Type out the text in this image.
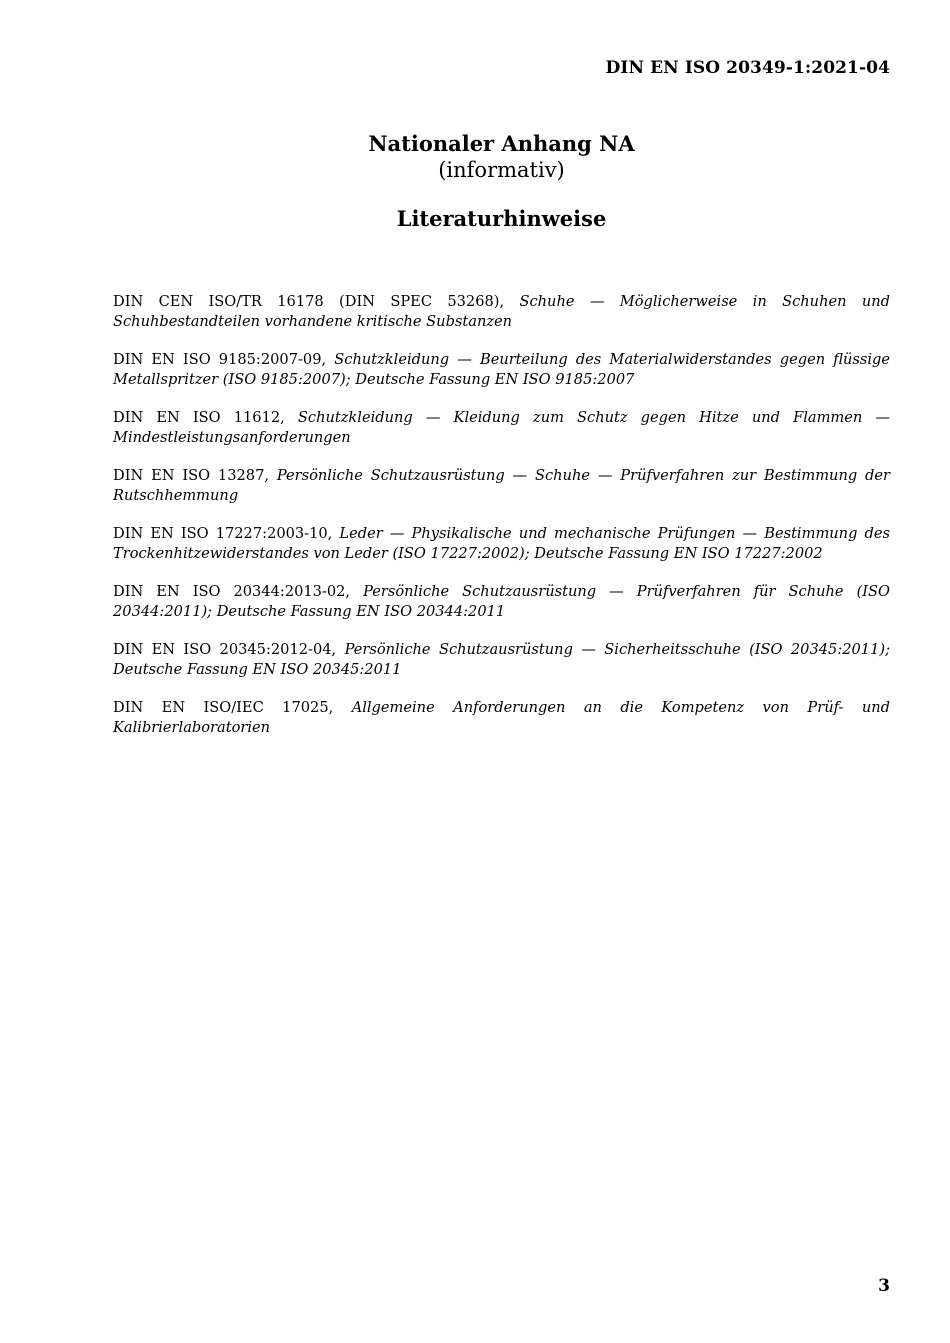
DIN EN ISO 20349-1:2021-04
Nationaler Anhang NA
(informativ)
Literaturhinweise

DIN CEN ISO/TR 16178 (DIN SPEC 53268), Schuhe — Möglicherweise in Schuhen und Schuhbestandteilen vorhandene kritische Substanzen

DIN EN ISO 9185:2007-09, Schutzkleidung — Beurteilung des Materialwiderstandes gegen flüssige Metallspritzer (ISO 9185:2007); Deutsche Fassung EN ISO 9185:2007

DIN EN ISO 11612, Schutzkleidung — Kleidung zum Schutz gegen Hitze und Flammen — Mindestleistungsanforderungen

DIN EN ISO 13287, Persönliche Schutzausrüstung — Schuhe — Prüfverfahren zur Bestimmung der Rutschhemmung

DIN EN ISO 17227:2003-10, Leder — Physikalische und mechanische Prüfungen — Bestimmung des Trockenhitzewiderstandes von Leder (ISO 17227:2002); Deutsche Fassung EN ISO 17227:2002

DIN EN ISO 20344:2013-02, Persönliche Schutzausrüstung — Prüfverfahren für Schuhe (ISO 20344:2011); Deutsche Fassung EN ISO 20344:2011

DIN EN ISO 20345:2012-04, Persönliche Schutzausrüstung — Sicherheitsschuhe (ISO 20345:2011); Deutsche Fassung EN ISO 20345:2011

DIN EN ISO/IEC 17025, Allgemeine Anforderungen an die Kompetenz von Prüf- und Kalibrierlaboratorien

3
